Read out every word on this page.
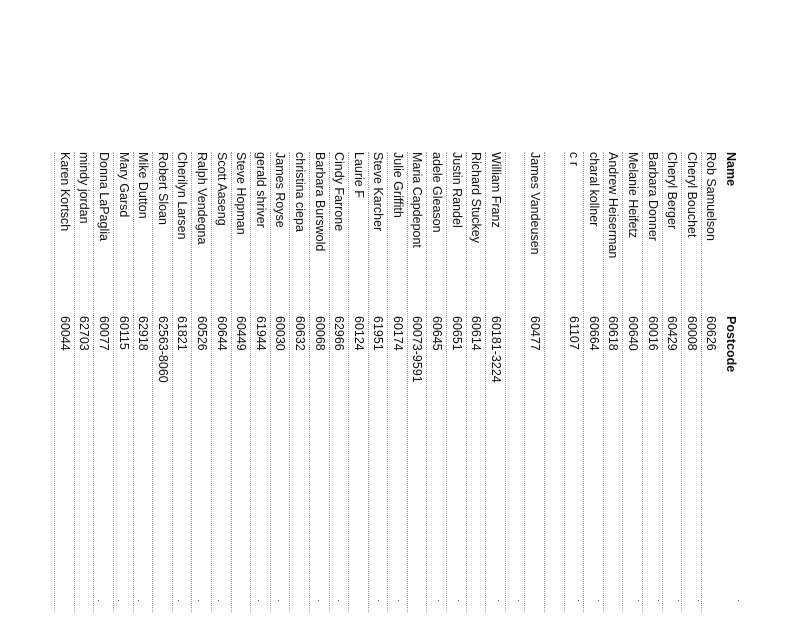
Name
Postcode
Rob Samuelson
60626
Cheryl Bouchet
60008
Cheryl Berger
60429
Barbara Donner
60016
Melanie Heifetz
60640
Andrew Heiserman
60618
charal kollner
60664
c r
61107
James Vandeusen
60477
William Franz
60181-3224
Richard Stuckey
60614
Justin Randel
60651
adele Gleason
60645
Maria Capdepont
60073-9591
Julie Griffith
60174
Steve Karcher
61951
Laurie F
60124
Cindy Farrone
62966
Barbara Burswold
60068
christina ciepa
60632
James Royse
60030
gerald shriver
61944
Steve Hopman
60449
Scott Aaseng
60644
Ralph Vendegna
60526
Cherilyn Larsen
61821
Robert Sloan
62563-8060
Mike Dutton
62918
Mary Garsd
60115
Donna LaPaglia
60077
mindy jordan
62703
Karen Kortsch
60044
